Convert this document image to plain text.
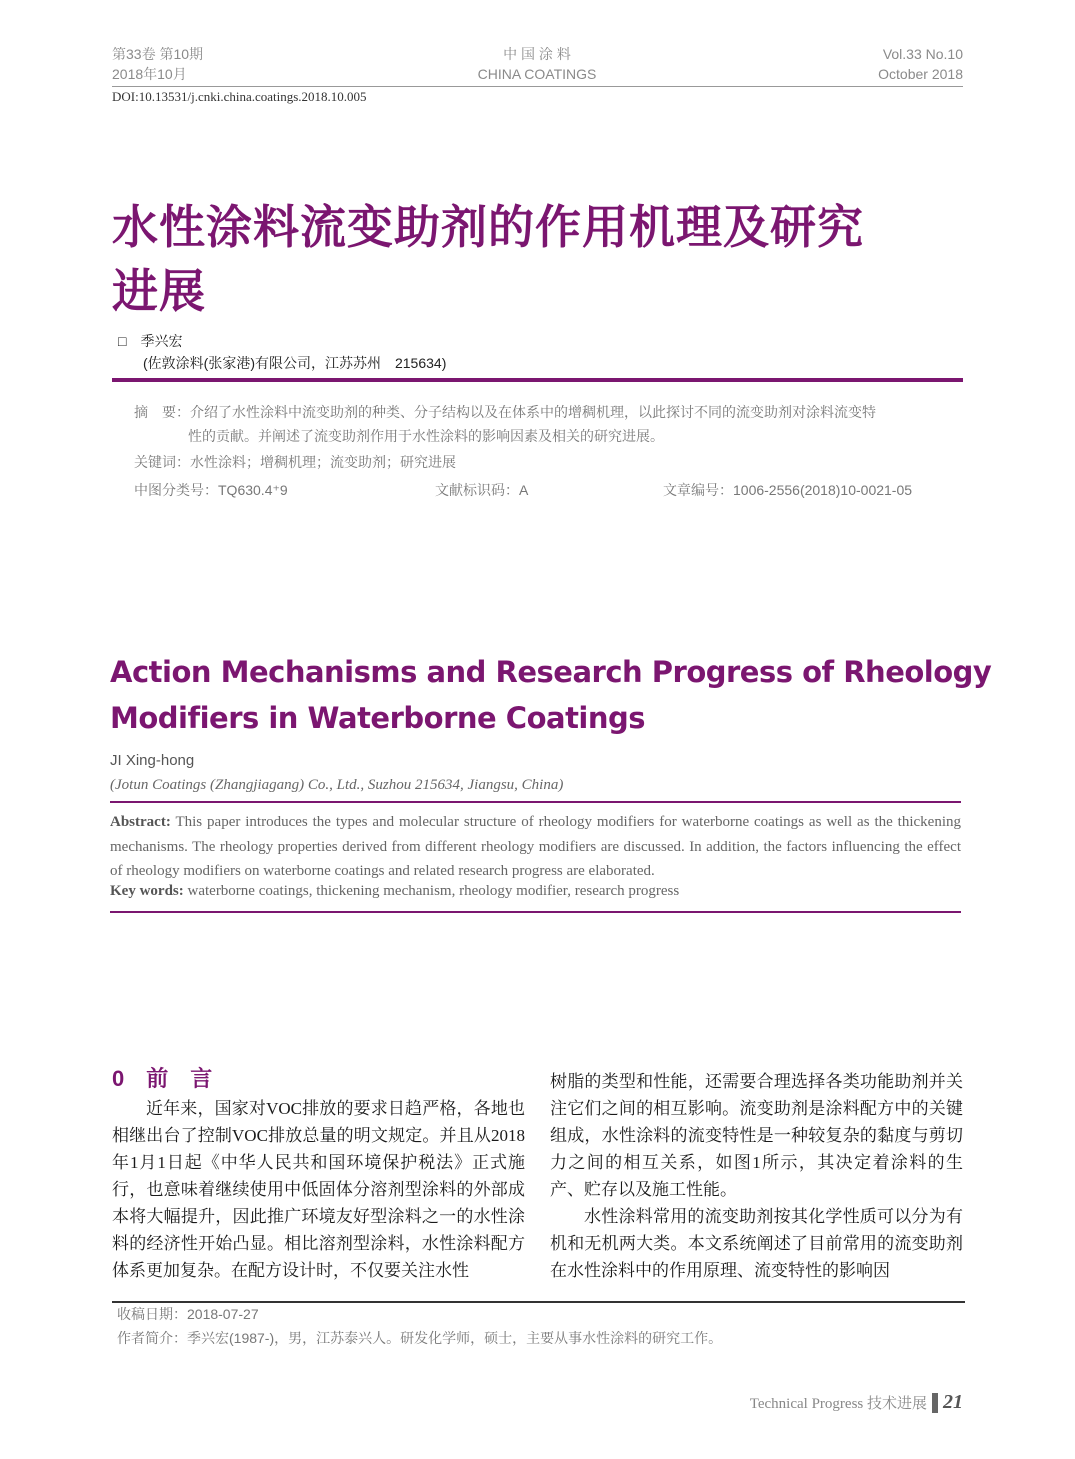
第33卷 第10期
2018年10月
中 国 涂 料
CHINA COATINGS
Vol.33 No.10
October 2018
DOI:10.13531/j.cnki.china.coatings.2018.10.005
水性涂料流变助剂的作用机理及研究
进展
□　 季兴宏
(佐敦涂料(张家港)有限公司，江苏苏州　215634)
摘　要：介绍了水性涂料中流变助剂的种类、分子结构以及在体系中的增稠机理，以此探讨不同的流变助剂对涂料流变特
性的贡献。并阐述了流变助剂作用于水性涂料的影响因素及相关的研究进展。
关键词：水性涂料；增稠机理；流变助剂；研究进展
中图分类号：TQ630.4⁺9	文献标识码：A	文章编号：1006-2556(2018)10-0021-05
Action Mechanisms and Research Progress of Rheology
Modifiers in Waterborne Coatings
JI Xing-hong
(Jotun Coatings (Zhangjiagang) Co., Ltd., Suzhou 215634, Jiangsu, China)
Abstract: This paper introduces the types and molecular structure of rheology modifiers for waterborne coatings as well as the thickening mechanisms. The rheology properties derived from different rheology modifiers are discussed. In addition, the factors influencing the effect of rheology modifiers on waterborne coatings and related research progress are elaborated.
Key words: waterborne coatings, thickening mechanism, rheology modifier, research progress
0　 前　言

近年来，国家对VOC排放的要求日趋严格，各地也相继出台了控制VOC排放总量的明文规定。并且从2018年1月1日起《中华人民共和国环境保护税法》正式施行，也意味着继续使用中低固体分溶剂型涂料的外部成本将大幅提升，因此推广环境友好型涂料之一的水性涂料的经济性开始凸显。相比溶剂型涂料，水性涂料配方体系更加复杂。在配方设计时，不仅要关注水性

树脂的类型和性能，还需要合理选择各类功能助剂并关注它们之间的相互影响。流变助剂是涂料配方中的关键组成，水性涂料的流变特性是一种较复杂的黏度与剪切力之间的相互关系，如图1所示，其决定着涂料的生产、贮存以及施工性能。

水性涂料常用的流变助剂按其化学性质可以分为有机和无机两大类。本文系统阐述了目前常用的流变助剂在水性涂料中的作用原理、流变特性的影响因

收稿日期：2018-07-27
作者简介：季兴宏(1987-)，男，江苏泰兴人。研发化学师，硕士，主要从事水性涂料的研究工作。
Technical Progress 技术进展 21
